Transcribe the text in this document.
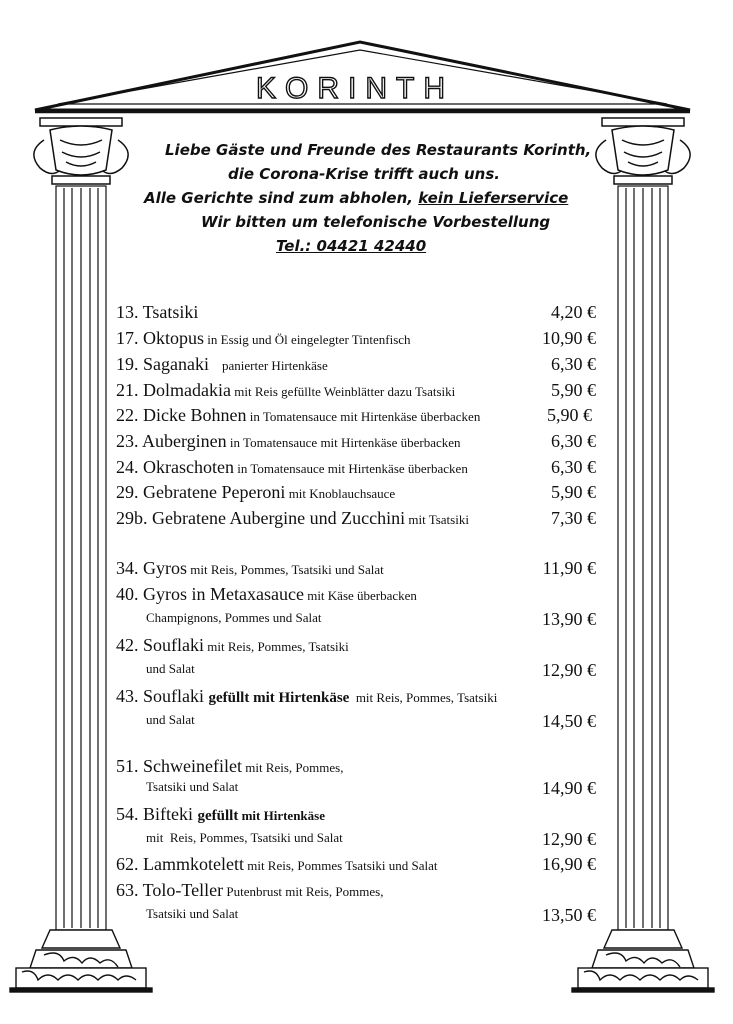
KORINTH
Liebe Gäste und Freunde des Restaurants Korinth,
die Corona-Krise trifft auch uns.
Alle Gerichte sind zum abholen, kein Lieferservice
Wir bitten um telefonische Vorbestellung
Tel.: 04421 42440
13. Tsatsiki	4,20 €
17. Oktopus in Essig und Öl eingelegter Tintenfisch	10,90 €
19. Saganaki    panierter Hirtenkäse	6,30 €
21. Dolmadakia mit Reis gefüllte Weinblätter dazu Tsatsiki	5,90 €
22. Dicke Bohnen in Tomatensauce mit Hirtenkäse überbacken	5,90 €
23. Auberginen in Tomatensauce mit Hirtenkäse überbacken	6,30 €
24. Okraschoten in Tomatensauce mit Hirtenkäse überbacken	6,30 €
29. Gebratene Peperoni mit Knoblauchsauce	5,90 €
29b. Gebratene Aubergine und Zucchini mit Tsatsiki	7,30 €
34. Gyros mit Reis, Pommes, Tsatsiki und Salat	11,90 €
40. Gyros in Metaxasauce mit Käse überbacken
Champignons, Pommes und Salat	13,90 €
42. Souflaki mit Reis, Pommes, Tsatsiki
und Salat	12,90 €
43. Souflaki gefüllt mit Hirtenkäse  mit Reis, Pommes, Tsatsiki
und Salat	14,50 €
51. Schweinefilet mit Reis, Pommes,
Tsatsiki und Salat	14,90 €
54. Bifteki gefüllt mit Hirtenkäse
mit  Reis, Pommes, Tsatsiki und Salat	12,90 €
62. Lammkotelett mit Reis, Pommes Tsatsiki und Salat	16,90 €
63. Tolo-Teller Putenbrust mit Reis, Pommes,
Tsatsiki und Salat	13,50 €
